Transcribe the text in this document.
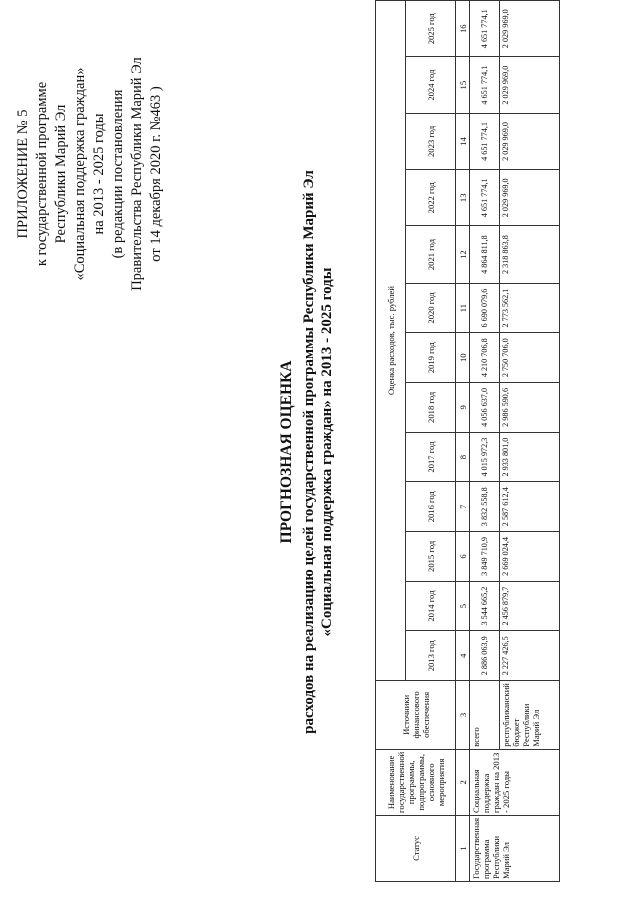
ПРИЛОЖЕНИЕ № 5 к государственной программе Республики Марий Эл «Социальная поддержка граждан» на 2013 - 2025 годы (в редакции постановления Правительства Республики Марий Эл от 14 декабря 2020 г. №463 )
ПРОГНОЗНАЯ ОЦЕНКА расходов на реализацию целей государственной программы Республики Марий Эл «Социальная поддержка граждан» на 2013 - 2025 годы
Статус	Наименование государственной программы, подпрограммы, основного мероприятия	Источники финансового обеспечения	Оценка расходов, тыс. рублей												
			2013 год	2014 год	2015 год	2016 год	2017 год	2018 год	2019 год	2020 год	2021 год	2022 год	2023 год	2024 год	2025 год
1	2	3	4	5	6	7	8	9	10	11	12	13	14	15	16
Государственная программа Республики Марий Эл	Социальная поддержка граждан на 2013 - 2025 годы	всего	2 886 063,9	3 544 665,2	3 849 710,9	3 832 558,8	4 015 972,3	4 056 637,0	4 210 706,8	6 690 079,6	4 864 811,8	4 651 774,1	4 651 774,1	4 651 774,1	4 651 774,1
		республиканский бюджет Республики Марий Эл	2 227 426,5	2 456 879,7	2 669 024,4	2 587 612,4	2 933 801,0	2 986 590,6	2 750 706,0	2 773 562,1	2 318 863,8	2 029 969,0	2 029 969,0	2 029 969,0	2 029 969,0
